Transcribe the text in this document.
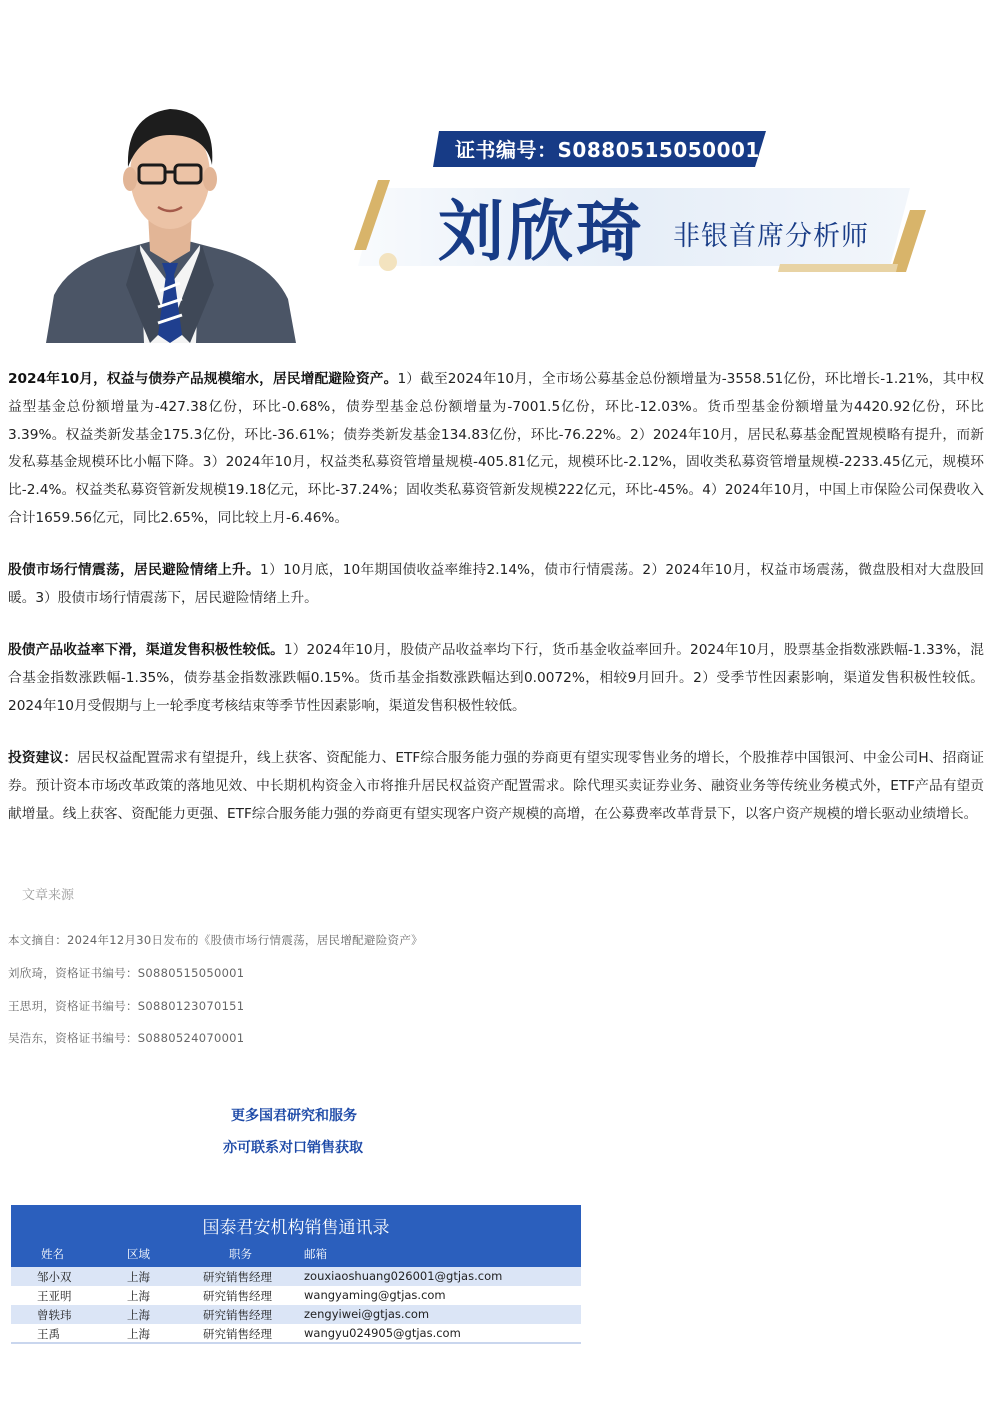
证书编号：S0880515050001
刘欣琦 非银首席分析师
2024年10月，权益与债券产品规模缩水，居民增配避险资产。1）截至2024年10月，全市场公募基金总份额增量为-3558.51亿份，环比增长-1.21%，其中权益型基金总份额增量为-427.38亿份，环比-0.68%，债券型基金总份额增量为-7001.5亿份，环比-12.03%。货币型基金份额增量为4420.92亿份，环比3.39%。权益类新发基金175.3亿份，环比-36.61%；债券类新发基金134.83亿份，环比-76.22%。2）2024年10月，居民私募基金配置规模略有提升，而新发私募基金规模环比小幅下降。3）2024年10月，权益类私募资管增量规模-405.81亿元，规模环比-2.12%，固收类私募资管增量规模-2233.45亿元，规模环比-2.4%。权益类私募资管新发规模19.18亿元，环比-37.24%；固收类私募资管新发规模222亿元，环比-45%。4）2024年10月，中国上市保险公司保费收入合计1659.56亿元，同比2.65%，同比较上月-6.46%。
股债市场行情震荡，居民避险情绪上升。1）10月底，10年期国债收益率维持2.14%，债市行情震荡。2）2024年10月，权益市场震荡，微盘股相对大盘股回暖。3）股债市场行情震荡下，居民避险情绪上升。
股债产品收益率下滑，渠道发售积极性较低。1）2024年10月，股债产品收益率均下行，货币基金收益率回升。2024年10月，股票基金指数涨跌幅-1.33%，混合基金指数涨跌幅-1.35%，债券基金指数涨跌幅0.15%。货币基金指数涨跌幅达到0.0072%，相较9月回升。2）受季节性因素影响，渠道发售积极性较低。2024年10月受假期与上一轮季度考核结束等季节性因素影响，渠道发售积极性较低。
投资建议：居民权益配置需求有望提升，线上获客、资配能力、ETF综合服务能力强的券商更有望实现零售业务的增长，个股推荐中国银河、中金公司H、招商证券。预计资本市场改革政策的落地见效、中长期机构资金入市将推升居民权益资产配置需求。除代理买卖证券业务、融资业务等传统业务模式外，ETF产品有望贡献增量。线上获客、资配能力更强、ETF综合服务能力强的券商更有望实现客户资产规模的高增，在公募费率改革背景下，以客户资产规模的增长驱动业绩增长。
文章来源
本文摘自：2024年12月30日发布的《股债市场行情震荡，居民增配避险资产》
刘欣琦，资格证书编号：S0880515050001
王思玥，资格证书编号：S0880123070151
吴浩东，资格证书编号：S0880524070001
更多国君研究和服务
亦可联系对口销售获取
国泰君安机构销售通讯录
姓名	区域	职务	邮箱
邹小双	上海	研究销售经理	zouxiaoshuang026001@gtjas.com
王亚明	上海	研究销售经理	wangyaming@gtjas.com
曾轶玮	上海	研究销售经理	zengyiwei@gtjas.com
王禹	上海	研究销售经理	wangyu024905@gtjas.com
